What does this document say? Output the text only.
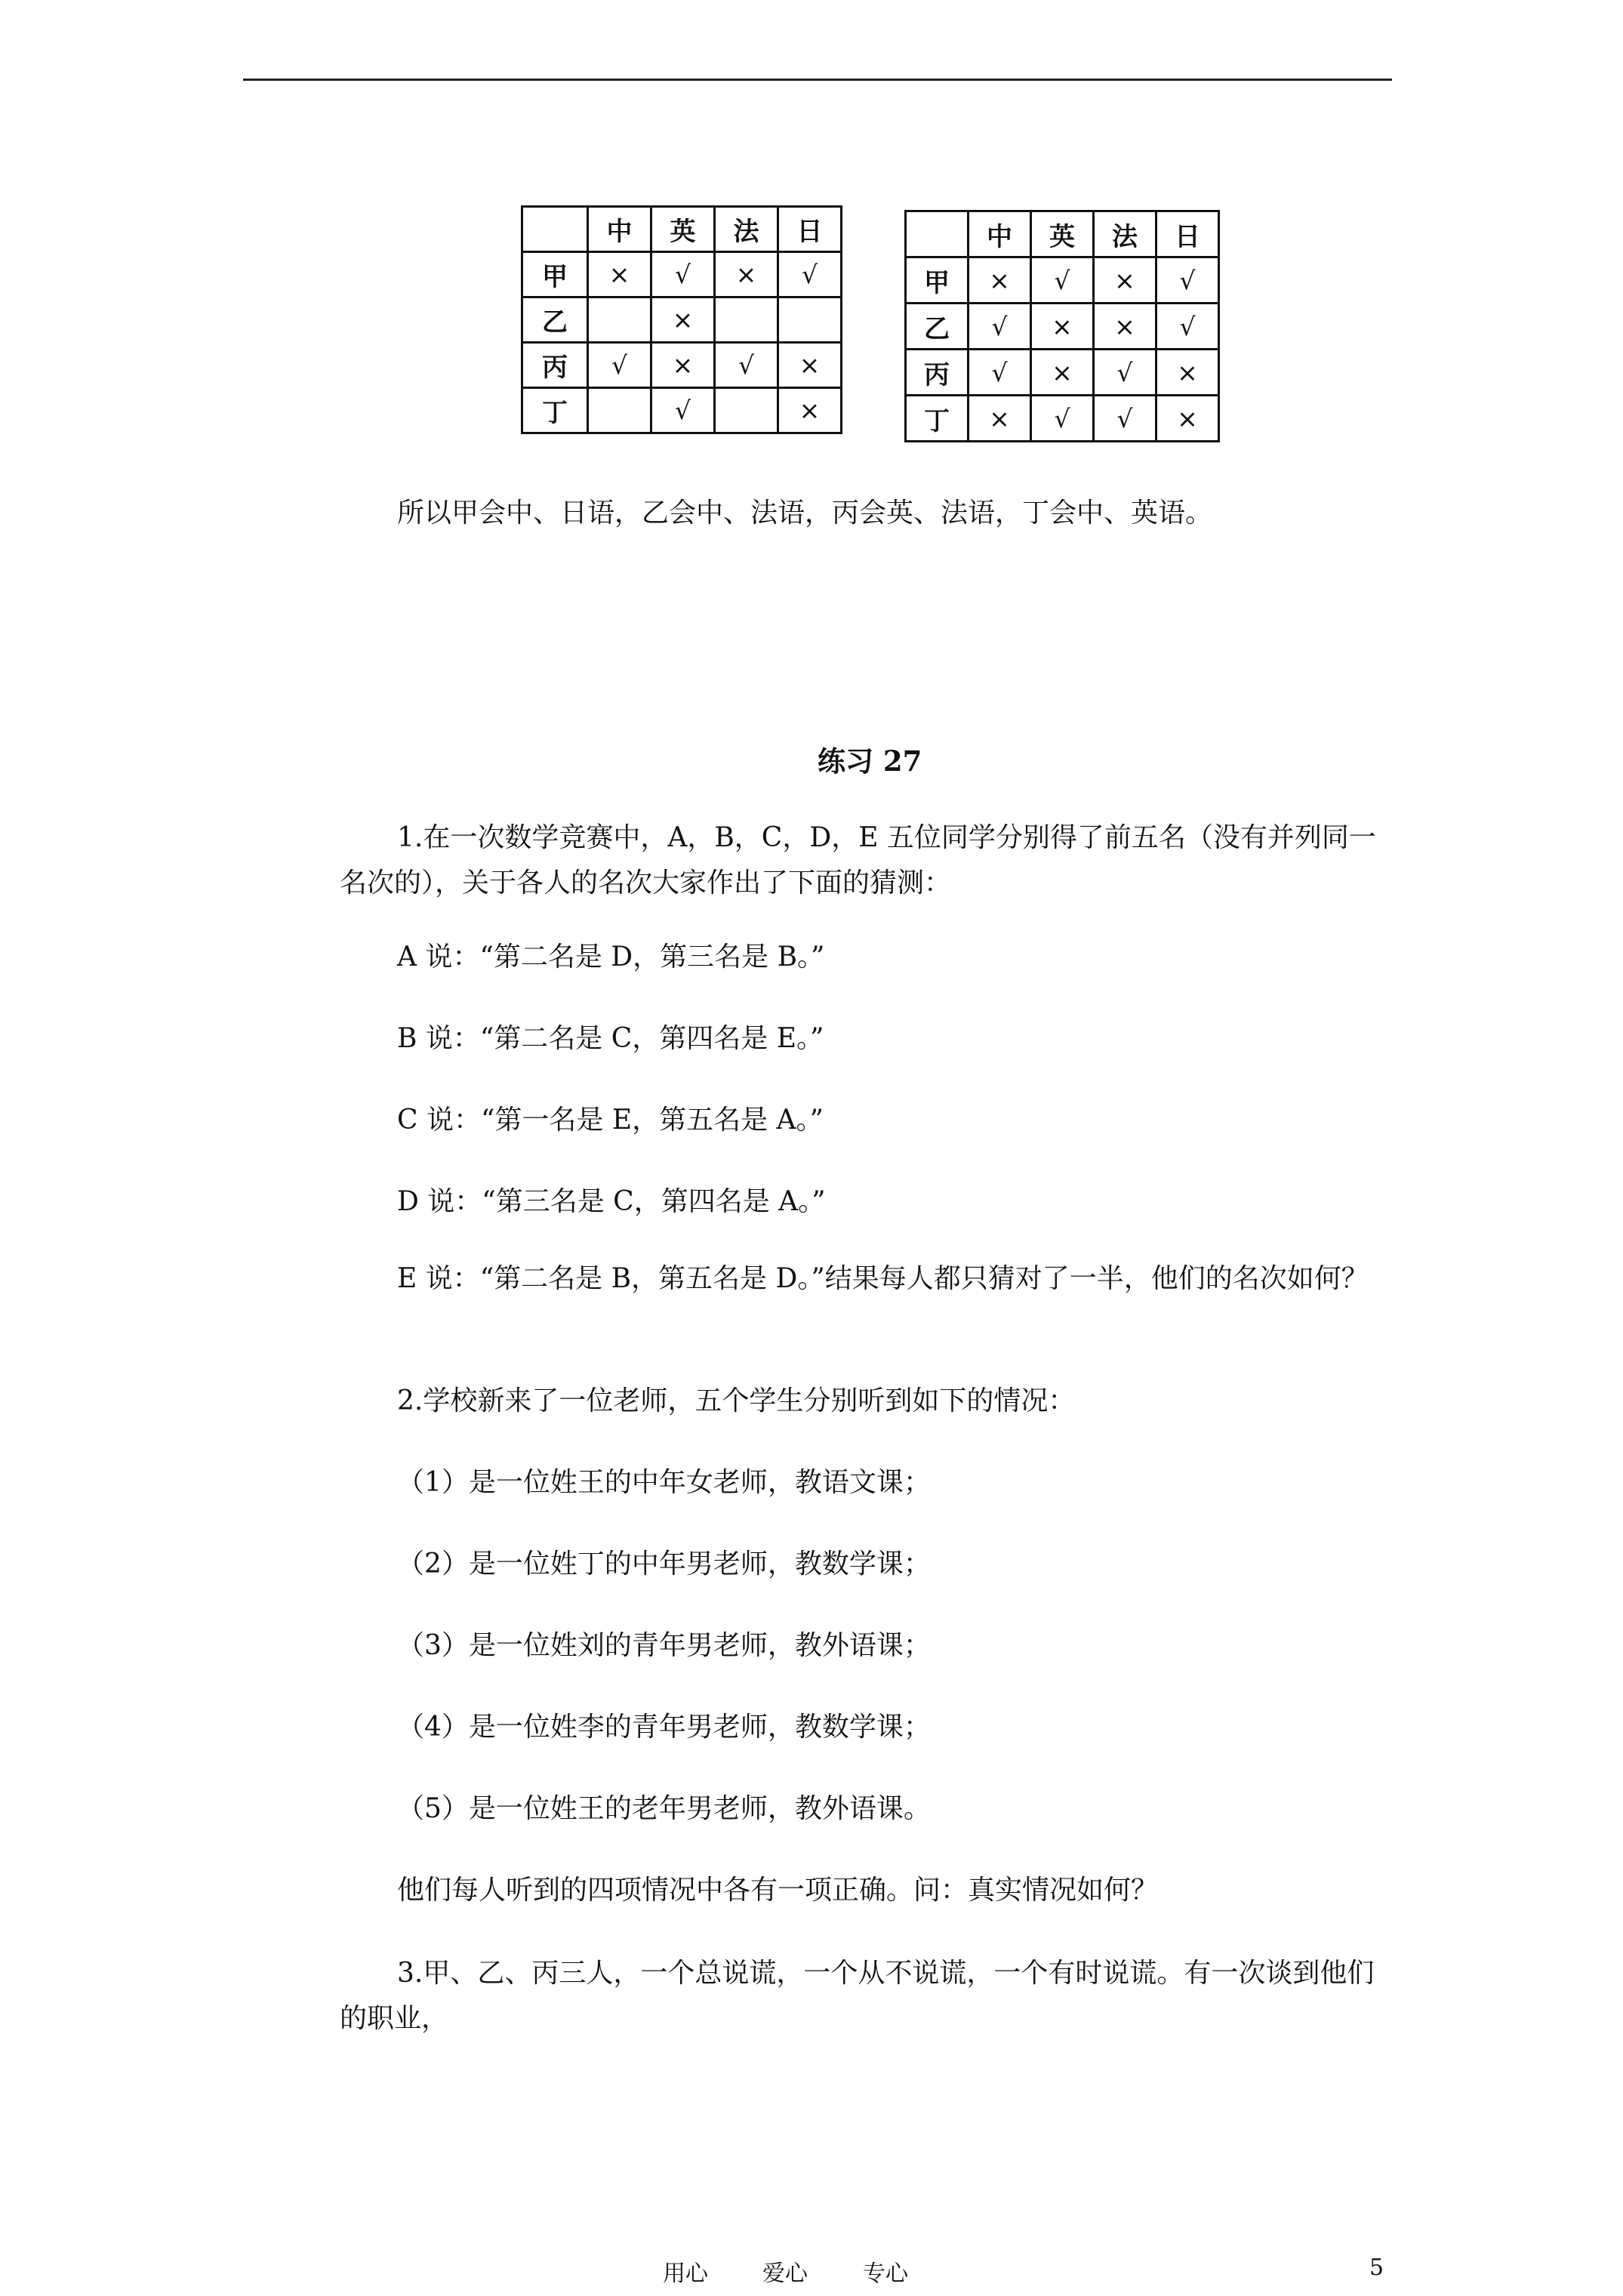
	中	英	法	日
甲	×	√	×	√
乙		×		
丙	√	×	√	×
丁		√		×
	中	英	法	日
甲	×	√	×	√
乙	√	×	×	√
丙	√	×	√	×
丁	×	√	√	×
所以甲会中、日语，乙会中、法语，丙会英、法语，丁会中、英语。
练习 27
1.在一次数学竞赛中，A，B，C，D，E 五位同学分别得了前五名（没有并列同一名次的），关于各人的名次大家作出了下面的猜测：
A 说：“第二名是 D，第三名是 B。”
B 说：“第二名是 C，第四名是 E。”
C 说：“第一名是 E，第五名是 A。”
D 说：“第三名是 C，第四名是 A。”
E 说：“第二名是 B，第五名是 D。”结果每人都只猜对了一半，他们的名次如何？
2.学校新来了一位老师，五个学生分别听到如下的情况：
（1）是一位姓王的中年女老师，教语文课；
（2）是一位姓丁的中年男老师，教数学课；
（3）是一位姓刘的青年男老师，教外语课；
（4）是一位姓李的青年男老师，教数学课；
（5）是一位姓王的老年男老师，教外语课。
他们每人听到的四项情况中各有一项正确。问：真实情况如何？
3.甲、乙、丙三人，一个总说谎，一个从不说谎，一个有时说谎。有一次谈到他们的职业，
用心 爱心 专心	5
